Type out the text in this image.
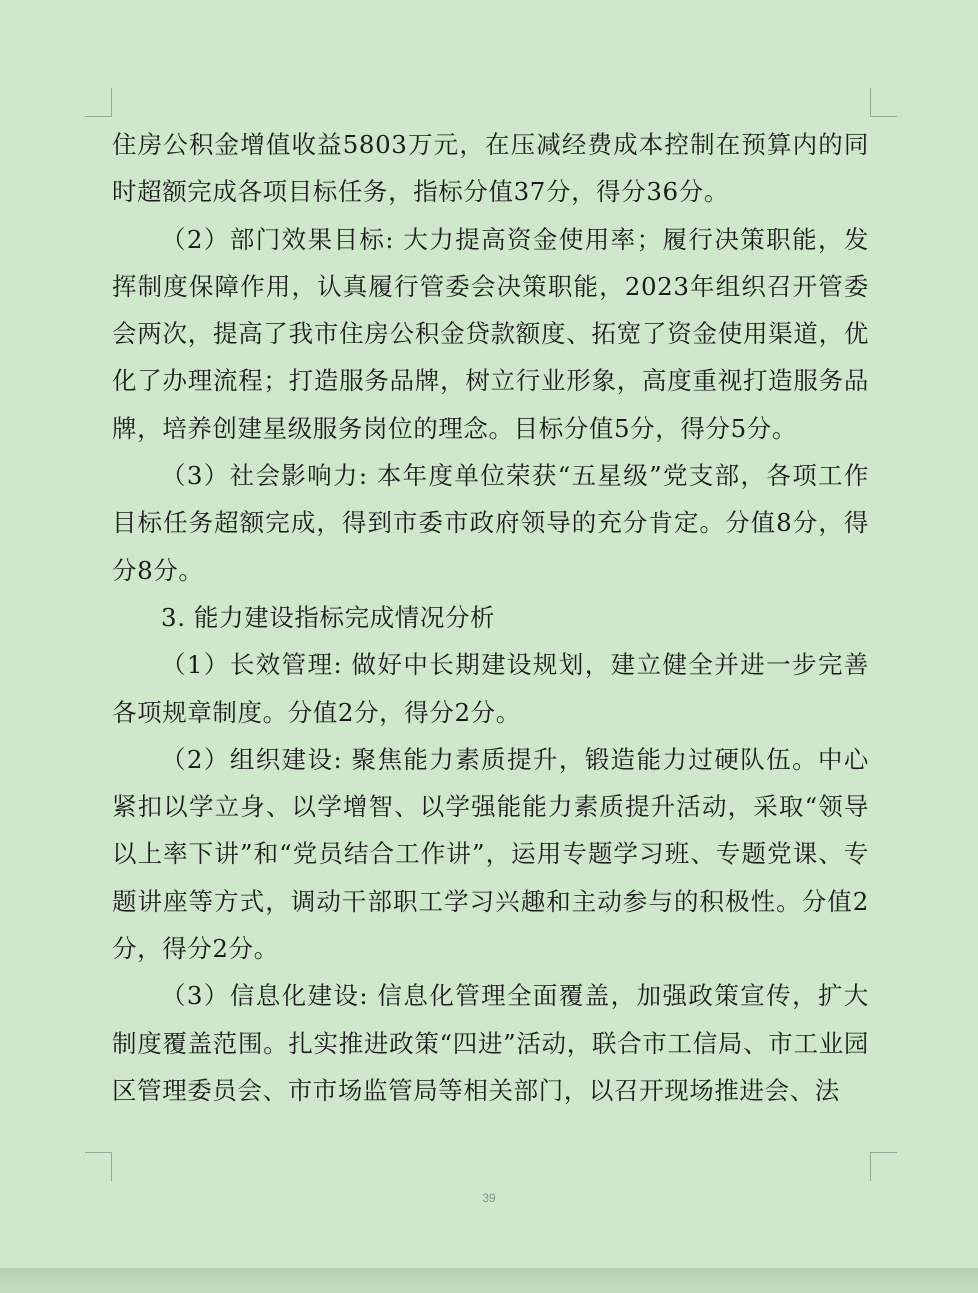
住房公积金增值收益5803万元，在压减经费成本控制在预算内的同时超额完成各项目标任务，指标分值37分，得分36分。

（2）部门效果目标: 大力提高资金使用率；履行决策职能，发挥制度保障作用，认真履行管委会决策职能，2023年组织召开管委会两次，提高了我市住房公积金贷款额度、拓宽了资金使用渠道，优化了办理流程；打造服务品牌，树立行业形象，高度重视打造服务品牌，培养创建星级服务岗位的理念。目标分值5分，得分5分。

（3）社会影响力: 本年度单位荣获“五星级”党支部，各项工作目标任务超额完成，得到市委市政府领导的充分肯定。分值8分，得分8分。

3. 能力建设指标完成情况分析

（1）长效管理: 做好中长期建设规划，建立健全并进一步完善各项规章制度。分值2分，得分2分。

（2）组织建设: 聚焦能力素质提升，锻造能力过硬队伍。中心紧扣以学立身、以学增智、以学强能能力素质提升活动，采取“领导以上率下讲”和“党员结合工作讲”，运用专题学习班、专题党课、专题讲座等方式，调动干部职工学习兴趣和主动参与的积极性。分值2分，得分2分。

（3）信息化建设: 信息化管理全面覆盖，加强政策宣传，扩大制度覆盖范围。扎实推进政策“四进”活动，联合市工信局、市工业园区管理委员会、市市场监管局等相关部门，以召开现场推进会、法

39
